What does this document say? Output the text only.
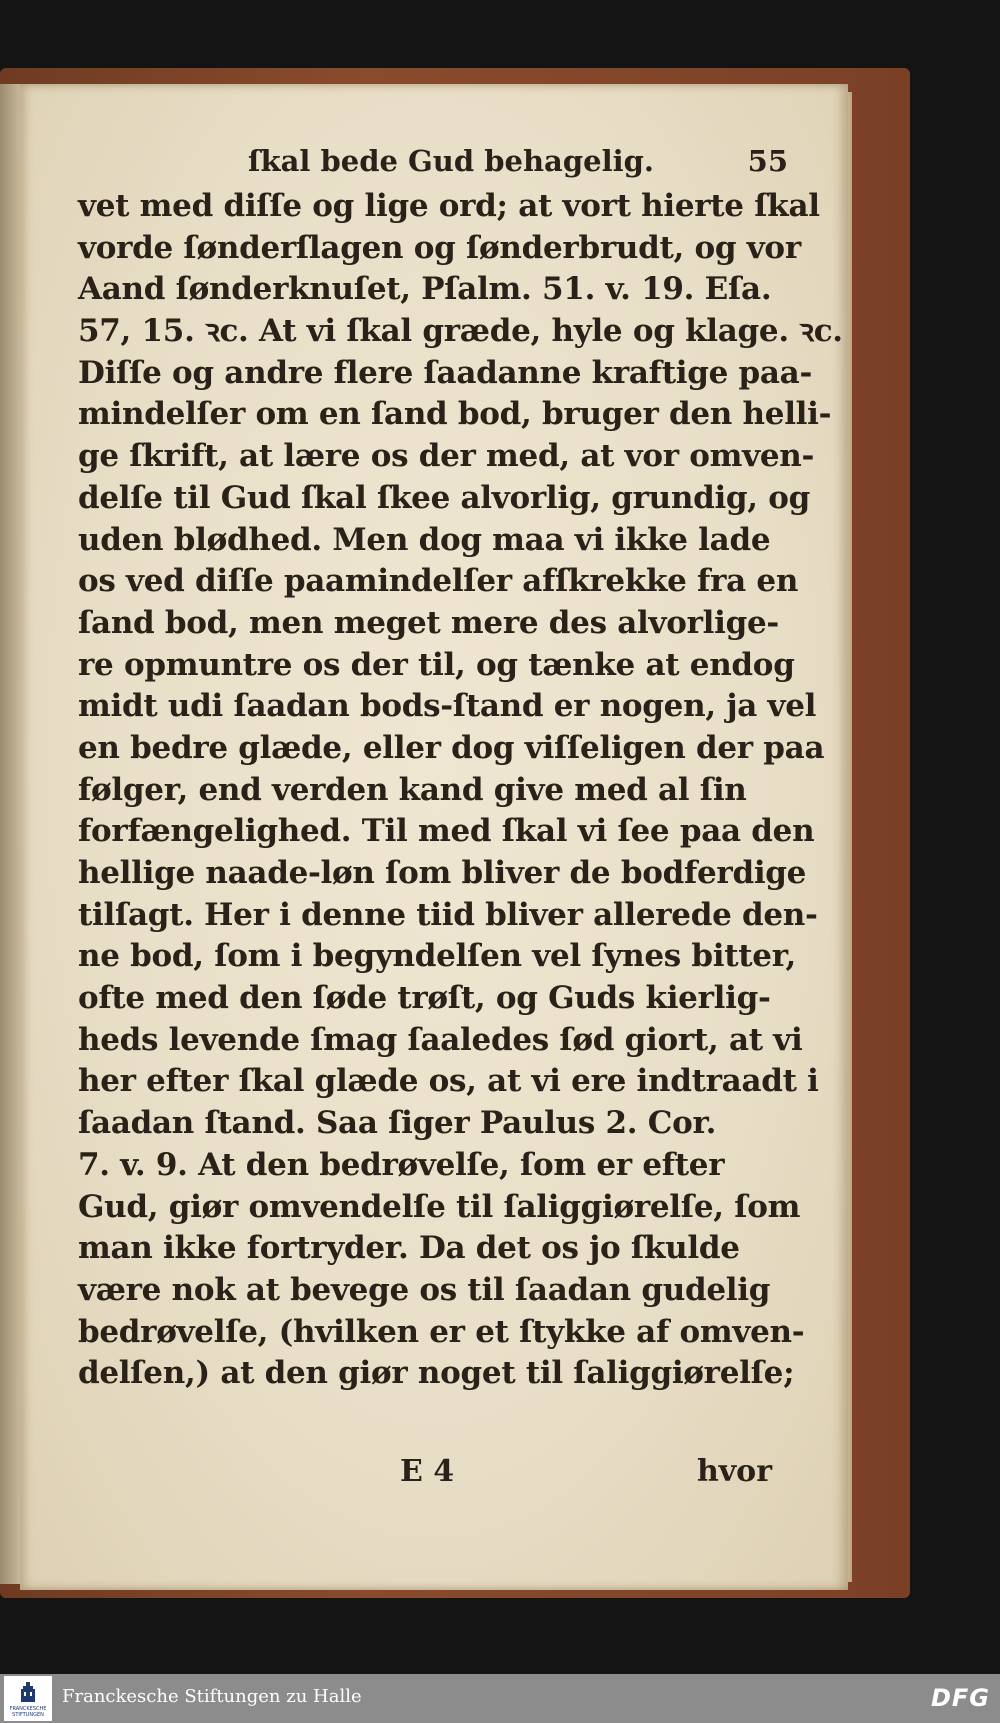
ſkal bede Gud behagelig.	55
vet med diſſe og lige ord; at vort hierte ſkal
vorde ſønderſlagen og ſønderbrudt, og vor
Aand ſønderknuſet, Pſalm. 51. v. 19. Eſa.
57, 15. ꝛc. At vi ſkal græde, hyle og klage. ꝛc.
Diſſe og andre flere ſaadanne kraftige paa-
mindelſer om en ſand bod, bruger den helli-
ge ſkrift, at lære os der med, at vor omven-
delſe til Gud ſkal ſkee alvorlig, grundig, og
uden blødhed. Men dog maa vi ikke lade
os ved diſſe paamindelſer afſkrekke fra en
ſand bod, men meget mere des alvorlige-
re opmuntre os der til, og tænke at endog
midt udi ſaadan bods-ſtand er nogen, ja vel
en bedre glæde, eller dog viſſeligen der paa
følger, end verden kand give med al ſin
forfængelighed. Til med ſkal vi ſee paa den
hellige naade-løn ſom bliver de bodferdige
tilſagt. Her i denne tiid bliver allerede den-
ne bod, ſom i begyndelſen vel ſynes bitter,
ofte med den ſøde trøſt, og Guds kierlig-
heds levende ſmag ſaaledes ſød giort, at vi
her efter ſkal glæde os, at vi ere indtraadt i
ſaadan ſtand. Saa ſiger Paulus 2. Cor.
7. v. 9. At den bedrøvelſe, ſom er efter
Gud, giør omvendelſe til ſaliggiørelſe, ſom
man ikke fortryder. Da det os jo ſkulde
være nok at bevege os til ſaadan gudelig
bedrøvelſe, (hvilken er et ſtykke af omven-
delſen,) at den giør noget til ſaliggiørelſe;
E 4	hvor
FRANCKESCHE STIFTUNGEN
Franckesche Stiftungen zu Halle	DFG
